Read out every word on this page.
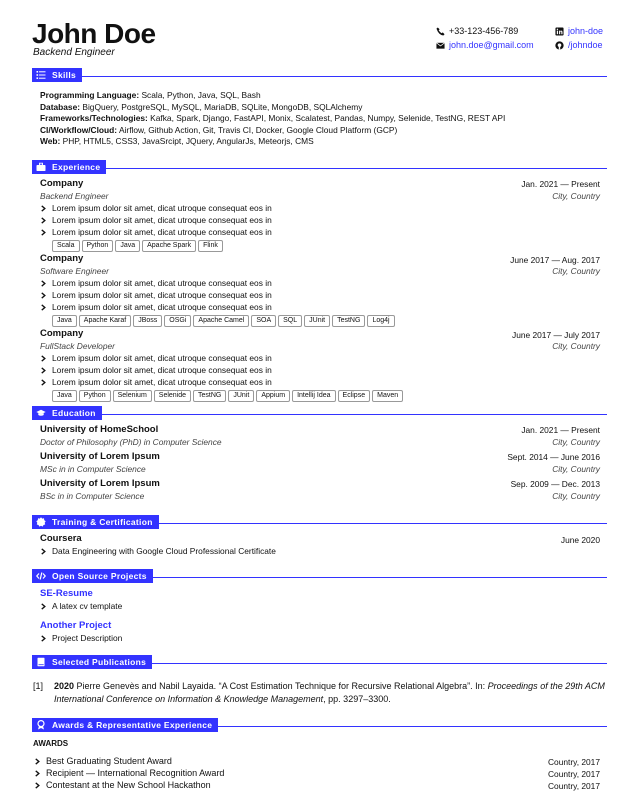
John Doe
Backend Engineer
+33-123-456-789
john.doe@gmail.com
john-doe
/johndoe
Skills
Programming Language: Scala, Python, Java, SQL, Bash
Database: BigQuery, PostgreSQL, MySQL, MariaDB, SQLite, MongoDB, SQLAlchemy
Frameworks/Technologies: Kafka, Spark, Django, FastAPI, Monix, Scalatest, Pandas, Numpy, Selenide, TestNG, REST API
CI/Workflow/Cloud: Airflow, Github Action, Git, Travis CI, Docker, Google Cloud Platform (GCP)
Web: PHP, HTML5, CSS3, JavaSrcipt, JQuery, AngularJs, Meteorjs, CMS
Experience
Company	Jan. 2021 — Present
Backend Engineer	City, Country
Lorem ipsum dolor sit amet, dicat utroque consequat eos in
Lorem ipsum dolor sit amet, dicat utroque consequat eos in
Lorem ipsum dolor sit amet, dicat utroque consequat eos in
Scala	Python	Java	Apache Spark	Flink
Company	June 2017 — Aug. 2017
Software Engineer	City, Country
Lorem ipsum dolor sit amet, dicat utroque consequat eos in
Lorem ipsum dolor sit amet, dicat utroque consequat eos in
Lorem ipsum dolor sit amet, dicat utroque consequat eos in
Java	Apache Karaf	JBoss	OSGi	Apache Camel	SOA	SQL	JUnit	TestNG	Log4j
Company	June 2017 — July 2017
FullStack Developer	City, Country
Lorem ipsum dolor sit amet, dicat utroque consequat eos in
Lorem ipsum dolor sit amet, dicat utroque consequat eos in
Lorem ipsum dolor sit amet, dicat utroque consequat eos in
Java	Python	Selenium	Selenide	TestNG	JUnit	Appium	Intellij Idea	Eclipse	Maven
Education
University of HomeSchool	Jan. 2021 — Present
Doctor of Philosophy (PhD) in Computer Science	City, Country
University of Lorem Ipsum	Sept. 2014 — June 2016
MSc in in Computer Science	City, Country
University of Lorem Ipsum	Sep. 2009 — Dec. 2013
BSc in in Computer Science	City, Country
Training & Certification
Coursera	June 2020
Data Engineering with Google Cloud Professional Certificate
Open Source Projects
SE-Resume
A latex cv template
Another Project
Project Description
Selected Publications
[1] 2020 Pierre Genevès and Nabil Layaida. “A Cost Estimation Technique for Recursive Relational Algebra”. In: Proceedings of the 29th ACM International Conference on Information & Knowledge Management, pp. 3297–3300.
Awards & Representative Experience
AWARDS
Best Graduating Student Award	Country, 2017
Recipient — International Recognition Award	Country, 2017
Contestant at the New School Hackathon	Country, 2017
